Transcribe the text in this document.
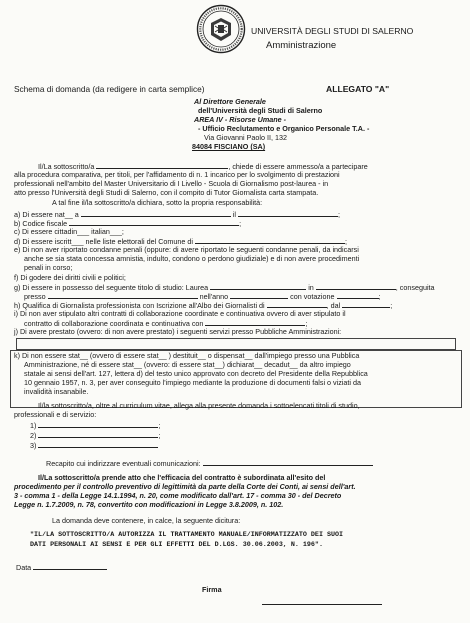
UNIVERSITÀ DEGLI STUDI DI SALERNO
Amministrazione
Schema di domanda (da redigere in carta semplice)	ALLEGATO "A"
Al Direttore Generale
dell'Università degli Studi di Salerno
AREA IV - Risorse Umane -
- Ufficio Reclutamento e Organico Personale T.A. -
Via Giovanni Paolo II, 132
84084 FISCIANO (SA)
Il/La sottoscritto/a	, chiede di essere ammesso/a a partecipare
alla procedura comparativa, per titoli, per l'affidamento di n. 1 incarico per lo svolgimento di prestazioni
professionali nell'ambito del Master Universitario di I Livello - Scuola di Giornalismo post-laurea - in
atto presso l'Università degli Studi di Salerno, con il compito di Tutor Giornalista carta stampata.
A tal fine il/la sottoscritto/a dichiara, sotto la propria responsabilità:
a) Di essere nat__ a	il	;
b) Codice fiscale	;
c) Di essere cittadin___ italian___;
d) Di essere iscritt___ nelle liste elettorali del Comune di	;
e) Di non aver riportato condanne penali (oppure: di avere riportato le seguenti condanne penali, da indicarsi
anche se sia stata concessa amnistia, indulto, condono o perdono giudiziale) e di non avere procedimenti
penali in corso;
f) Di godere dei diritti civili e politici;
g) Di essere in possesso del seguente titolo di studio: Laurea	in	, conseguita
presso	nell'anno	con votazione	;
h) Qualifica di Giornalista professionista con Iscrizione all'Albo dei Giornalisti di	, dal	;
i) Di non aver stipulato altri contratti di collaborazione coordinate e continuativa ovvero di aver stipulato il
contratto di collaborazione coordinata e continuativa con	;
j) Di avere prestato (ovvero: di non avere prestato) i seguenti servizi presso Pubbliche Amministrazioni:
k) Di non essere stat__ (ovvero di essere stat__ ) destituit__ o dispensat__ dall'impiego presso una Pubblica
Amministrazione, né di essere stat__ (ovvero: di essere stat__) dichiarat__ decadut__ da altro impiego
statale ai sensi dell'art. 127, lettera d) del testo unico approvato con decreto del Presidente della Repubblica
10 gennaio 1957, n. 3, per aver conseguito l'impiego mediante la produzione di documenti falsi o viziati da
invalidità insanabile.
Il/la sottoscritto/a, oltre al curriculum vitae, allega alla presente domanda i sottoelencati titoli di studio,
professionali e di servizio:
1)	;
2)	;
3)
Recapito cui indirizzare eventuali comunicazioni:
Il/La sottoscritto/a prende atto che l'efficacia del contratto è subordinata all'esito del
procedimento per il controllo preventivo di legittimità da parte della Corte dei Conti, ai sensi dell'art.
3 - comma 1 - della Legge 14.1.1994, n. 20, come modificato dall'art. 17 - comma 30 - del Decreto
Legge n. 1.7.2009, n. 78, convertito con modificazioni in Legge 3.8.2009, n. 102.
La domanda deve contenere, in calce, la seguente dicitura:
"IL/LA SOTTOSCRITTO/A AUTORIZZA IL TRATTAMENTO MANUALE/INFORMATIZZATO DEI SUOI
DATI PERSONALI AI SENSI E PER GLI EFFETTI DEL D.LGS. 30.06.2003, N. 196".
Data
Firma
